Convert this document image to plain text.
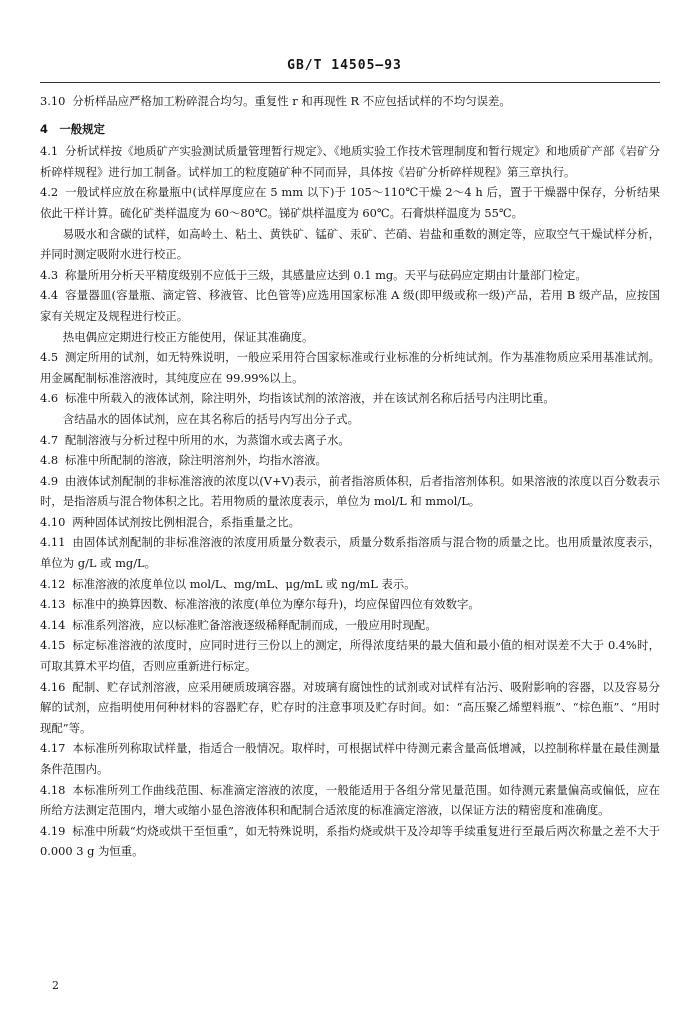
GB/T 14505—93

3.10 分析样品应严格加工粉碎混合均匀。重复性 r 和再现性 R 不应包括试样的不均匀误差。

4 一般规定

4.1 分析试样按《地质矿产实验测试质量管理暂行规定》、《地质实验工作技术管理制度和暂行规定》和地质矿产部《岩矿分析碎样规程》进行加工制备。试样加工的粒度随矿种不同而异，具体按《岩矿分析碎样规程》第三章执行。

4.2 一般试样应放在称量瓶中(试样厚度应在 5 mm 以下)于 105～110℃干燥 2～4 h 后，置于干燥器中保存，分析结果依此干样计算。硫化矿类样温度为 60～80℃。锑矿烘样温度为 60℃。石膏烘样温度为 55℃。

易吸水和含碳的试样，如高岭土、粘土、黄铁矿、锰矿、汞矿、芒硝、岩盐和重数的测定等，应取空气干燥试样分析，并同时测定吸附水进行校正。

4.3 称量所用分析天平精度级别不应低于三级，其感量应达到 0.1 mg。天平与砝码应定期由计量部门检定。

4.4 容量器皿(容量瓶、滴定管、移液管、比色管等)应选用国家标准 A 级(即甲级或称一级)产品，若用 B 级产品，应按国家有关规定及规程进行校正。

热电偶应定期进行校正方能使用，保证其准确度。

4.5 测定所用的试剂，如无特殊说明，一般应采用符合国家标准或行业标准的分析纯试剂。作为基准物质应采用基准试剂。用金属配制标准溶液时，其纯度应在 99.99%以上。

4.6 标准中所载入的液体试剂，除注明外，均指该试剂的浓溶液，并在该试剂名称后括号内注明比重。

含结晶水的固体试剂，应在其名称后的括号内写出分子式。

4.7 配制溶液与分析过程中所用的水，为蒸馏水或去离子水。

4.8 标准中所配制的溶液，除注明溶剂外，均指水溶液。

4.9 由液体试剂配制的非标准溶液的浓度以(V+V)表示，前者指溶质体积，后者指溶剂体积。如果溶液的浓度以百分数表示时，是指溶质与混合物体积之比。若用物质的量浓度表示，单位为 mol/L 和 mmol/L。

4.10 两种固体试剂按比例相混合，系指重量之比。

4.11 由固体试剂配制的非标准溶液的浓度用质量分数表示，质量分数系指溶质与混合物的质量之比。也用质量浓度表示，单位为 g/L 或 mg/L。

4.12 标准溶液的浓度单位以 mol/L、mg/mL、μg/mL 或 ng/mL 表示。

4.13 标准中的换算因数、标准溶液的浓度(单位为摩尔每升)，均应保留四位有效数字。

4.14 标准系列溶液，应以标准贮备溶液逐级稀释配制而成，一般应用时现配。

4.15 标定标准溶液的浓度时，应同时进行三份以上的测定，所得浓度结果的最大值和最小值的相对误差不大于 0.4%时，可取其算术平均值，否则应重新进行标定。

4.16 配制、贮存试剂溶液，应采用硬质玻璃容器。对玻璃有腐蚀性的试剂或对试样有沾污、吸附影响的容器，以及容易分解的试剂，应指明使用何种材料的容器贮存，贮存时的注意事项及贮存时间。如：“高压聚乙烯塑料瓶”、“棕色瓶”、“用时现配”等。

4.17 本标准所列称取试样量，指适合一般情况。取样时，可根据试样中待测元素含量高低增减，以控制称样量在最佳测量条件范围内。

4.18 本标准所列工作曲线范围、标准滴定溶液的浓度，一般能适用于各组分常见量范围。如待测元素量偏高或偏低，应在所给方法测定范围内，增大或缩小显色溶液体积和配制合适浓度的标准滴定溶液，以保证方法的精密度和准确度。

4.19 标准中所载“灼烧或烘干至恒重”，如无特殊说明，系指灼烧或烘干及冷却等手续重复进行至最后两次称量之差不大于 0.000 3 g 为恒重。

2
